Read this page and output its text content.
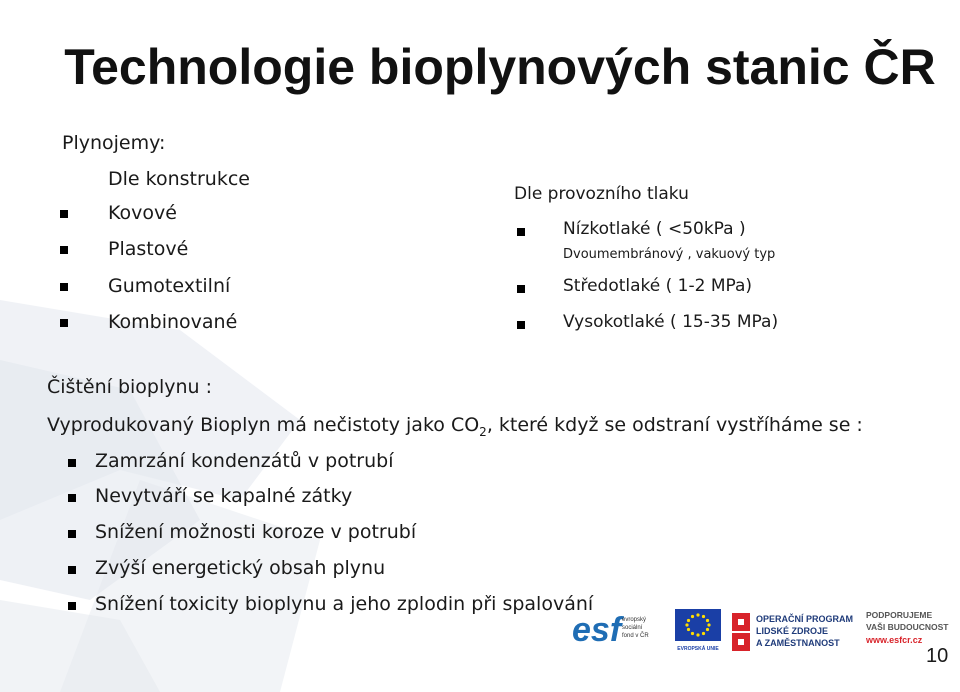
Technologie bioplynových stanic ČR
Plynojemy:
Dle konstrukce
Kovové
Plastové
Gumotextilní
Kombinované
Dle provozního tlaku
Nízkotlaké ( <50kPa )
Dvoumembránový , vakuový typ
Středotlaké ( 1-2 MPa)
Vysokotlaké ( 15-35 MPa)
Čištění bioplynu :
Vyprodukovaný Bioplyn má nečistoty jako $CO_2$, které když se odstraní vystříháme se :
Zamrzání kondenzátů v potrubí
Nevytváří se kapalné zátky
Snížení možnosti koroze v potrubí
Zvýší energetický obsah plynu
Snížení toxicity bioplynu a jeho zplodin při spalování
esf evropský
sociální
fond v ČR
EVROPSKÁ UNIE
OPERAČNÍ PROGRAM
LIDSKÉ ZDROJE
A ZAMĚSTNANOST
PODPORUJEME
VAŠI BUDOUCNOST
www.esfcr.cz
10
